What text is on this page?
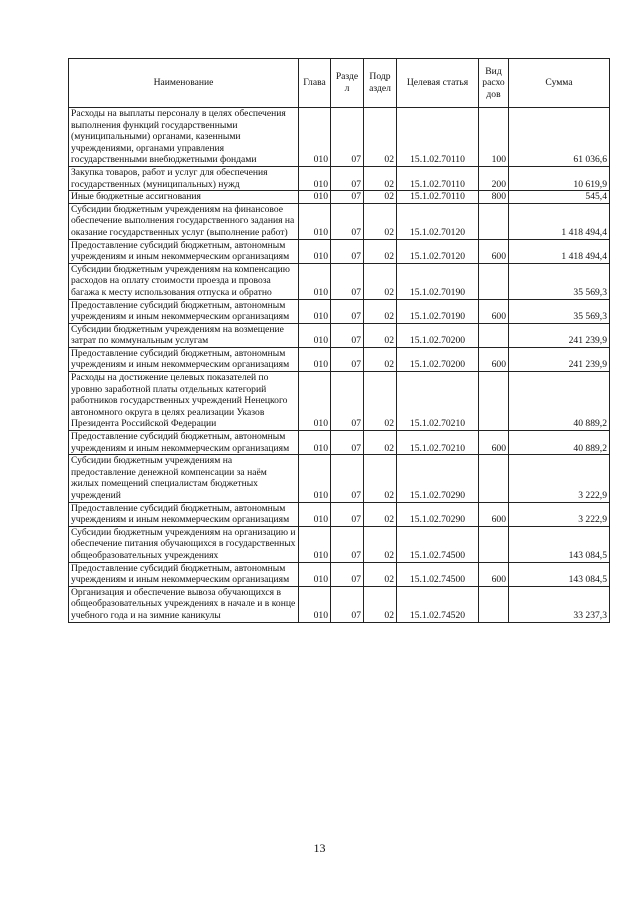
Наименование	Глава	Разде л	Подр аздел	Целевая статья	Вид расхо дов	Сумма
Расходы на выплаты персоналу в целях обеспечения выполнения функций государственными (муниципальными) органами, казенными учреждениями, органами управления государственными внебюджетными фондами	010	07	02	15.1.02.70110	100	61 036,6
Закупка товаров, работ и услуг для обеспечения государственных (муниципальных) нужд	010	07	02	15.1.02.70110	200	10 619,9
Иные бюджетные ассигнования	010	07	02	15.1.02.70110	800	545,4
Субсидии бюджетным учреждениям на финансовое обеспечение выполнения государственного задания на оказание государственных услуг (выполнение работ)	010	07	02	15.1.02.70120		1 418 494,4
Предоставление субсидий бюджетным, автономным учреждениям и иным некоммерческим организациям	010	07	02	15.1.02.70120	600	1 418 494,4
Субсидии бюджетным учреждениям на компенсацию расходов на оплату стоимости проезда и провоза багажа к месту использования отпуска и обратно	010	07	02	15.1.02.70190		35 569,3
Предоставление субсидий бюджетным, автономным учреждениям и иным некоммерческим организациям	010	07	02	15.1.02.70190	600	35 569,3
Субсидии бюджетным учреждениям на возмещение затрат по коммунальным услугам	010	07	02	15.1.02.70200		241 239,9
Предоставление субсидий бюджетным, автономным учреждениям и иным некоммерческим организациям	010	07	02	15.1.02.70200	600	241 239,9
Расходы на достижение целевых показателей по уровню заработной платы отдельных категорий работников государственных учреждений Ненецкого автономного округа в целях реализации Указов Президента Российской Федерации	010	07	02	15.1.02.70210		40 889,2
Предоставление субсидий бюджетным, автономным учреждениям и иным некоммерческим организациям	010	07	02	15.1.02.70210	600	40 889,2
Субсидии бюджетным учреждениям на предоставление денежной компенсации за наём жилых помещений специалистам бюджетных учреждений	010	07	02	15.1.02.70290		3 222,9
Предоставление субсидий бюджетным, автономным учреждениям и иным некоммерческим организациям	010	07	02	15.1.02.70290	600	3 222,9
Субсидии бюджетным учреждениям на организацию и обеспечение питания обучающихся в государственных общеобразовательных учреждениях	010	07	02	15.1.02.74500		143 084,5
Предоставление субсидий бюджетным, автономным учреждениям и иным некоммерческим организациям	010	07	02	15.1.02.74500	600	143 084,5
Организация и обеспечение вывоза обучающихся в общеобразовательных учреждениях в начале и в конце учебного года и на зимние каникулы	010	07	02	15.1.02.74520		33 237,3
13
